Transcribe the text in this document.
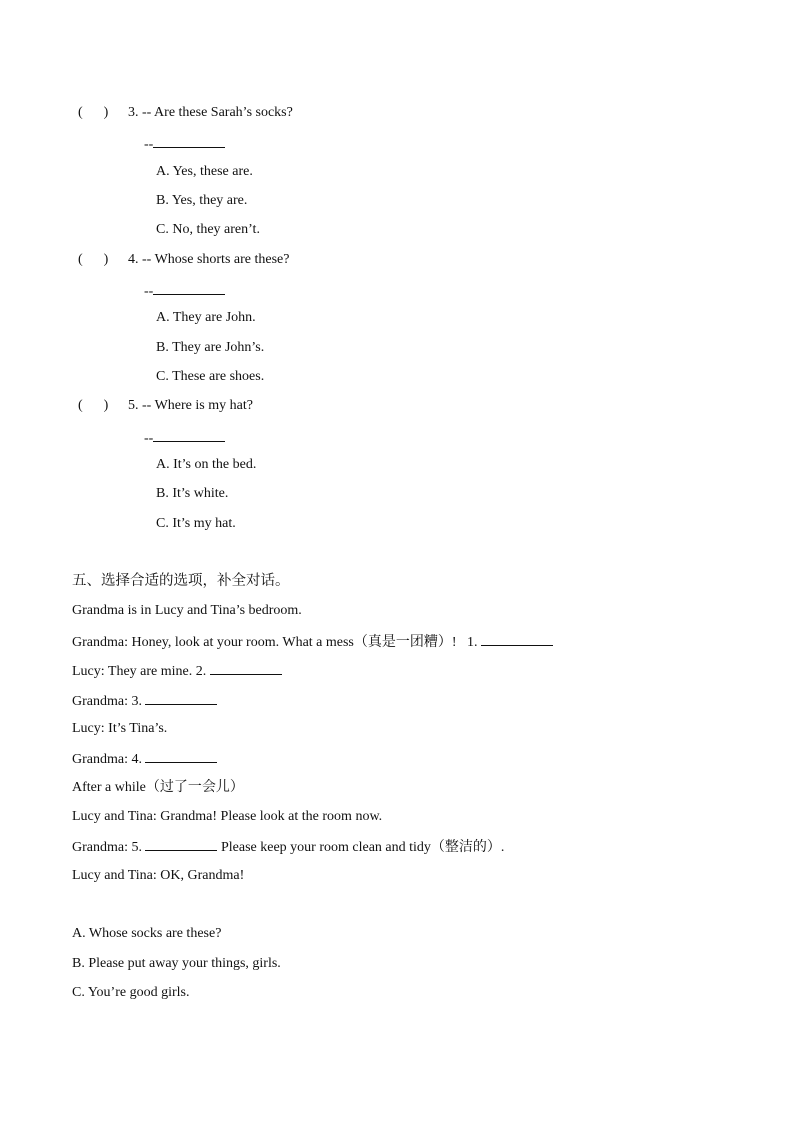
(      ) 3. -- Are these Sarah’s socks?
--
A. Yes, these are.
B. Yes, they are.
C. No, they aren’t.
(      ) 4. -- Whose shorts are these?
--
A. They are John.
B. They are John’s.
C. These are shoes.
(      ) 5. -- Where is my hat?
--
A. It’s on the bed.
B. It’s white.
C. It’s my hat.
五、选择合适的选项，补全对话。
Grandma is in Lucy and Tina’s bedroom.
Grandma: Honey, look at your room. What a mess（真是一团糟）!   1.
Lucy: They are mine. 2.
Grandma: 3.
Lucy: It’s Tina’s.
Grandma: 4.
After a while（过了一会儿）
Lucy and Tina: Grandma! Please look at the room now.
Grandma: 5.	Please keep your room clean and tidy（整洁的）.
Lucy and Tina: OK, Grandma!
A. Whose socks are these?
B. Please put away your things, girls.
C. You’re good girls.
